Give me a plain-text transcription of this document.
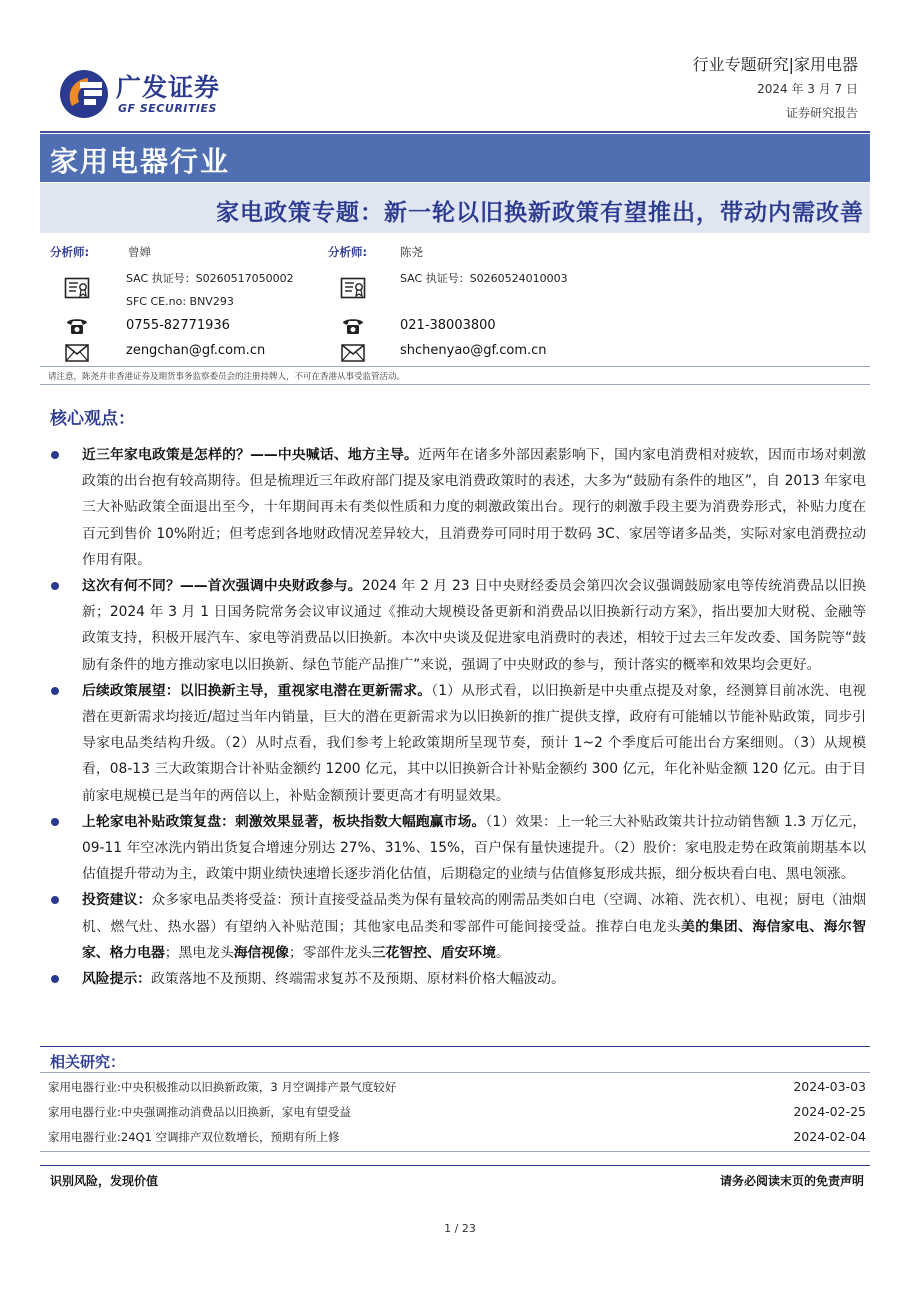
广发证券
GF SECURITIES
行业专题研究|家用电器
2024 年 3 月 7 日
证券研究报告
家用电器行业
家电政策专题：新一轮以旧换新政策有望推出，带动内需改善
分析师:	曾婵
SAC 执证号：S0260517050002
SFC CE.no: BNV293
0755-82771936
zengchan@gf.com.cn
分析师:	陈尧
SAC 执证号：S0260524010003
021-38003800
shchenyao@gf.com.cn
请注意，陈尧并非香港证券及期货事务监察委员会的注册持牌人，不可在香港从事受监管活动。
核心观点：
近三年家电政策是怎样的？——中央喊话、地方主导。近两年在诸多外部因素影响下，国内家电消费相对疲软，因而市场对刺激政策的出台抱有较高期待。但是梳理近三年政府部门提及家电消费政策时的表述，大多为“鼓励有条件的地区”，自 2013 年家电三大补贴政策全面退出至今，十年期间再未有类似性质和力度的刺激政策出台。现行的刺激手段主要为消费券形式，补贴力度在百元到售价 10%附近；但考虑到各地财政情况差异较大，且消费券可同时用于数码 3C、家居等诸多品类，实际对家电消费拉动作用有限。
这次有何不同？——首次强调中央财政参与。2024 年 2 月 23 日中央财经委员会第四次会议强调鼓励家电等传统消费品以旧换新；2024 年 3 月 1 日国务院常务会议审议通过《推动大规模设备更新和消费品以旧换新行动方案》，指出要加大财税、金融等政策支持，积极开展汽车、家电等消费品以旧换新。本次中央谈及促进家电消费时的表述，相较于过去三年发改委、国务院等“鼓励有条件的地方推动家电以旧换新、绿色节能产品推广”来说，强调了中央财政的参与，预计落实的概率和效果均会更好。
后续政策展望：以旧换新主导，重视家电潜在更新需求。（1）从形式看，以旧换新是中央重点提及对象，经测算目前冰洗、电视潜在更新需求均接近/超过当年内销量，巨大的潜在更新需求为以旧换新的推广提供支撑，政府有可能辅以节能补贴政策，同步引导家电品类结构升级。（2）从时点看，我们参考上轮政策期所呈现节奏，预计 1~2 个季度后可能出台方案细则。（3）从规模看，08-13 三大政策期合计补贴金额约 1200 亿元，其中以旧换新合计补贴金额约 300 亿元，年化补贴金额 120 亿元。由于目前家电规模已是当年的两倍以上，补贴金额预计要更高才有明显效果。
上轮家电补贴政策复盘：刺激效果显著，板块指数大幅跑赢市场。（1）效果：上一轮三大补贴政策共计拉动销售额 1.3 万亿元，09-11 年空冰洗内销出货复合增速分别达 27%、31%、15%，百户保有量快速提升。（2）股价：家电股走势在政策前期基本以估值提升带动为主，政策中期业绩快速增长逐步消化估值，后期稳定的业绩与估值修复形成共振，细分板块看白电、黑电领涨。
投资建议：众多家电品类将受益：预计直接受益品类为保有量较高的刚需品类如白电（空调、冰箱、洗衣机）、电视；厨电（油烟机、燃气灶、热水器）有望纳入补贴范围；其他家电品类和零部件可能间接受益。推荐白电龙头美的集团、海信家电、海尔智家、格力电器；黑电龙头海信视像；零部件龙头三花智控、盾安环境。
风险提示：政策落地不及预期、终端需求复苏不及预期、原材料价格大幅波动。
相关研究：
家用电器行业:中央积极推动以旧换新政策，3 月空调排产景气度较好	2024-03-03
家用电器行业:中央强调推动消费品以旧换新，家电有望受益	2024-02-25
家用电器行业:24Q1 空调排产双位数增长，预期有所上修	2024-02-04
识别风险，发现价值	请务必阅读末页的免责声明
1 / 23
